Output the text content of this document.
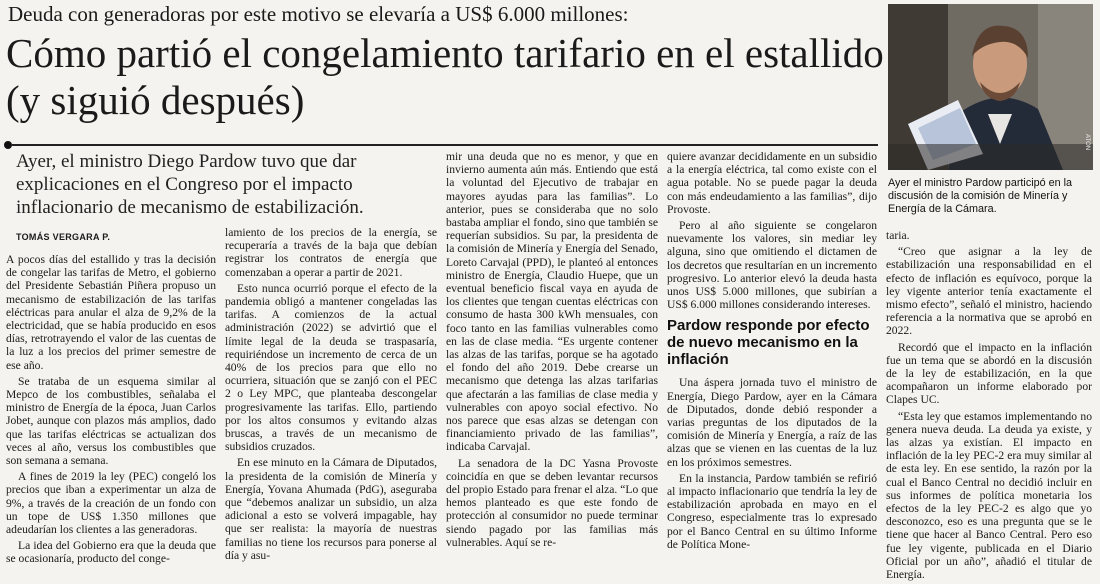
Deuda con generadoras por este motivo se elevaría a US$ 6.000 millones:
Cómo partió el congelamiento tarifario en el estallido (y siguió después)
Ayer, el ministro Diego Pardow tuvo que dar explicaciones en el Congreso por el impacto inflacionario de mecanismo de estabilización.
TOMÁS VERGARA P.

A pocos días del estallido y tras la decisión de congelar las tarifas de Metro, el gobierno del Presidente Sebastián Piñera propuso un mecanismo de estabilización de las tarifas eléctricas para anular el alza de 9,2% de la electricidad, que se había producido en esos días, retrotrayendo el valor de las cuentas de la luz a los precios del primer semestre de ese año.

Se trataba de un esquema similar al Mepco de los combustibles, señalaba el ministro de Energía de la época, Juan Carlos Jobet, aunque con plazos más amplios, dado que las tarifas eléctricas se actualizan dos veces al año, versus los combustibles que son semana a semana.

A fines de 2019 la ley (PEC) congeló los precios que iban a experimentar un alza de 9%, a través de la creación de un fondo con un tope de US$ 1.350 millones que adeudarían los clientes a las generadoras.

La idea del Gobierno era que la deuda que se ocasionaría, producto del conge-

lamiento de los precios de la energía, se recuperaría a través de la baja que debían registrar los contratos de energía que comenzaban a operar a partir de 2021.

Esto nunca ocurrió porque el efecto de la pandemia obligó a mantener congeladas las tarifas. A comienzos de la actual administración (2022) se advirtió que el límite legal de la deuda se traspasaría, requiriéndose un incremento de cerca de un 40% de los precios para que ello no ocurriera, situación que se zanjó con el PEC 2 o Ley MPC, que planteaba descongelar progresivamente las tarifas. Ello, partiendo por los altos consumos y evitando alzas bruscas, a través de un mecanismo de subsidios cruzados.

En ese minuto en la Cámara de Diputados, la presidenta de la comisión de Minería y Energía, Yovana Ahumada (PdG), aseguraba que “debemos analizar un subsidio, un alza adicional a esto se volverá impagable, hay que ser realista: la mayoría de nuestras familias no tiene los recursos para ponerse al día y asu-

mir una deuda que no es menor, y que en invierno aumenta aún más. Entiendo que está la voluntad del Ejecutivo de trabajar en mayores ayudas para las familias”. Lo anterior, pues se consideraba que no solo bastaba ampliar el fondo, sino que también se requerían subsidios. Su par, la presidenta de la comisión de Minería y Energía del Senado, Loreto Carvajal (PPD), le planteó al entonces ministro de Energía, Claudio Huepe, que un eventual beneficio fiscal vaya en ayuda de los clientes que tengan cuentas eléctricas con consumo de hasta 300 kWh mensuales, con foco tanto en las familias vulnerables como en las de clase media. “Es urgente contener las alzas de las tarifas, porque se ha agotado el fondo del año 2019. Debe crearse un mecanismo que detenga las alzas tarifarias que afectarán a las familias de clase media y vulnerables con apoyo social efectivo. No nos parece que esas alzas se detengan con financiamiento privado de las familias”, indicaba Carvajal.

La senadora de la DC Yasna Provoste coincidía en que se deben levantar recursos del propio Estado para frenar el alza. “Lo que hemos planteado es que este fondo de protección al consumidor no puede terminar siendo pagado por las familias más vulnerables. Aquí se re-

quiere avanzar decididamente en un subsidio a la energía eléctrica, tal como existe con el agua potable. No se puede pagar la deuda con más endeudamiento a las familias”, dijo Provoste.

Pero al año siguiente se congelaron nuevamente los valores, sin mediar ley alguna, sino que omitiendo el dictamen de los decretos que resultarían en un incremento progresivo. Lo anterior elevó la deuda hasta unos US$ 5.000 millones, que subirían a US$ 6.000 millones considerando intereses.

Pardow responde por efecto de nuevo mecanismo en la inflación

Una áspera jornada tuvo el ministro de Energía, Diego Pardow, ayer en la Cámara de Diputados, donde debió responder a varias preguntas de los diputados de la comisión de Minería y Energía, a raíz de las alzas que se vienen en las cuentas de la luz en los próximos semestres.

En la instancia, Pardow también se refirió al impacto inflacionario que tendría la ley de estabilización aprobada en mayo en el Congreso, especialmente tras lo expresado por el Banco Central en su último Informe de Política Mone-

ATON
Ayer el ministro Pardow participó en la discusión de la comisión de Minería y Energía de la Cámara.

taria.

“Creo que asignar a la ley de estabilización una responsabilidad en el efecto de inflación es equívoco, porque la ley vigente anterior tenía exactamente el mismo efecto”, señaló el ministro, haciendo referencia a la normativa que se aprobó en 2022.

Recordó que el impacto en la inflación fue un tema que se abordó en la discusión de la ley de estabilización, en la que acompañaron un informe elaborado por Clapes UC.

“Esta ley que estamos implementando no genera nueva deuda. La deuda ya existe, y las alzas ya existían. El impacto en inflación de la ley PEC-2 era muy similar al de esta ley. En ese sentido, la razón por la cual el Banco Central no decidió incluir en sus informes de política monetaria los efectos de la ley PEC-2 es algo que yo desconozco, eso es una pregunta que se le tiene que hacer al Banco Central. Pero eso fue ley vigente, publicada en el Diario Oficial por un año”, añadió el titular de Energía.
